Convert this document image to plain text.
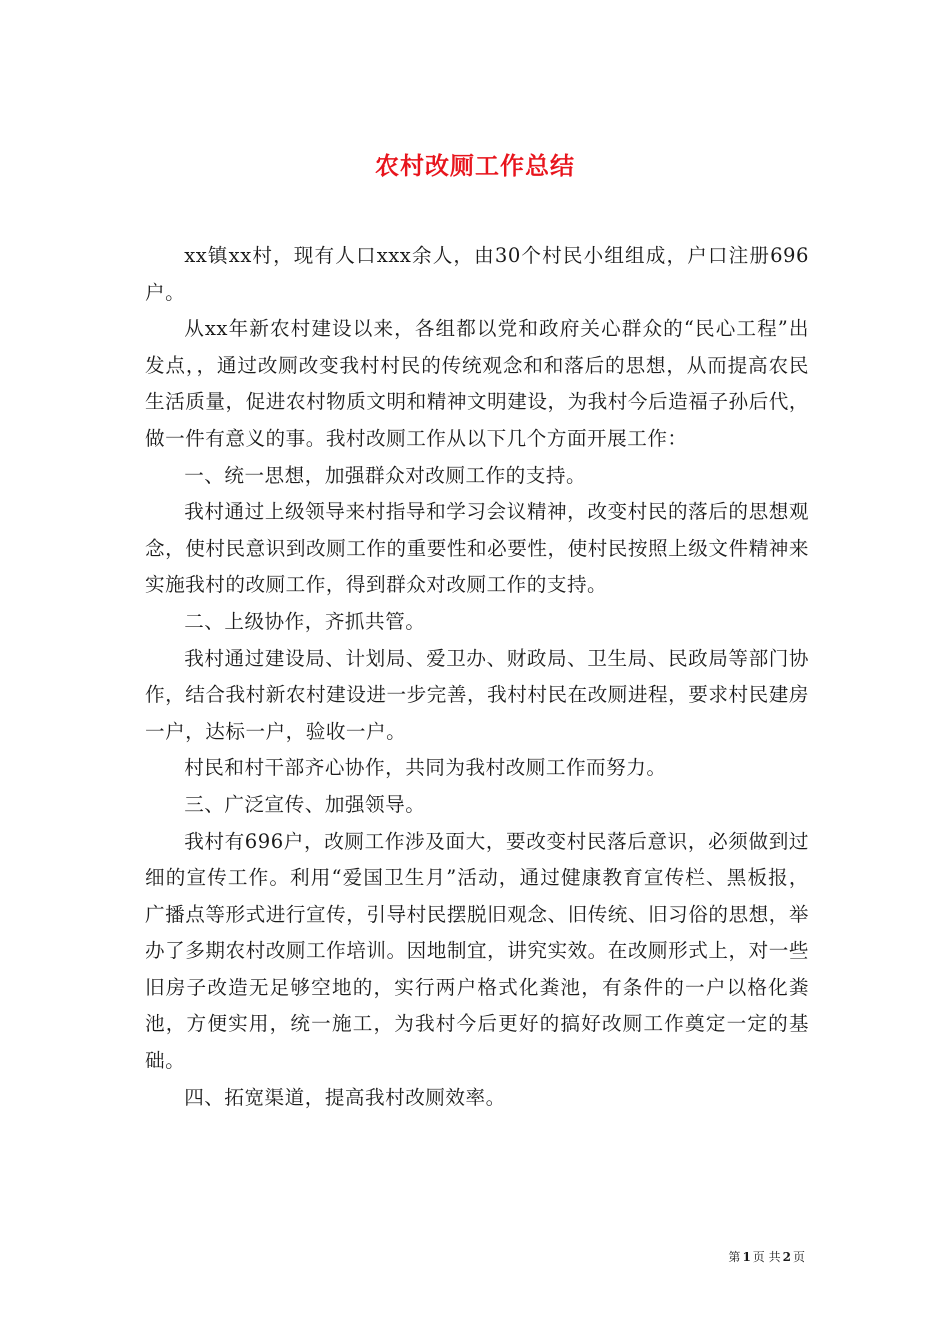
农村改厕工作总结

xx镇xx村，现有人口xxx余人，由30个村民小组组成，户口注册696户。

从xx年新农村建设以来，各组都以党和政府关心群众的“民心工程”出发点，，通过改厕改变我村村民的传统观念和和落后的思想，从而提高农民生活质量，促进农村物质文明和精神文明建设，为我村今后造福子孙后代，做一件有意义的事。我村改厕工作从以下几个方面开展工作：

一、统一思想，加强群众对改厕工作的支持。

我村通过上级领导来村指导和学习会议精神，改变村民的落后的思想观念，使村民意识到改厕工作的重要性和必要性，使村民按照上级文件精神来实施我村的改厕工作，得到群众对改厕工作的支持。

二、上级协作，齐抓共管。

我村通过建设局、计划局、爱卫办、财政局、卫生局、民政局等部门协作，结合我村新农村建设进一步完善，我村村民在改厕进程，要求村民建房一户，达标一户，验收一户。

村民和村干部齐心协作，共同为我村改厕工作而努力。

三、广泛宣传、加强领导。

我村有696户，改厕工作涉及面大，要改变村民落后意识，必须做到过细的宣传工作。利用“爱国卫生月”活动，通过健康教育宣传栏、黑板报，广播点等形式进行宣传，引导村民摆脱旧观念、旧传统、旧习俗的思想，举办了多期农村改厕工作培训。因地制宜，讲究实效。在改厕形式上，对一些旧房子改造无足够空地的，实行两户格式化粪池，有条件的一户以格化粪池，方便实用，统一施工，为我村今后更好的搞好改厕工作奠定一定的基础。

四、拓宽渠道，提高我村改厕效率。

第 1 页 共 2 页
